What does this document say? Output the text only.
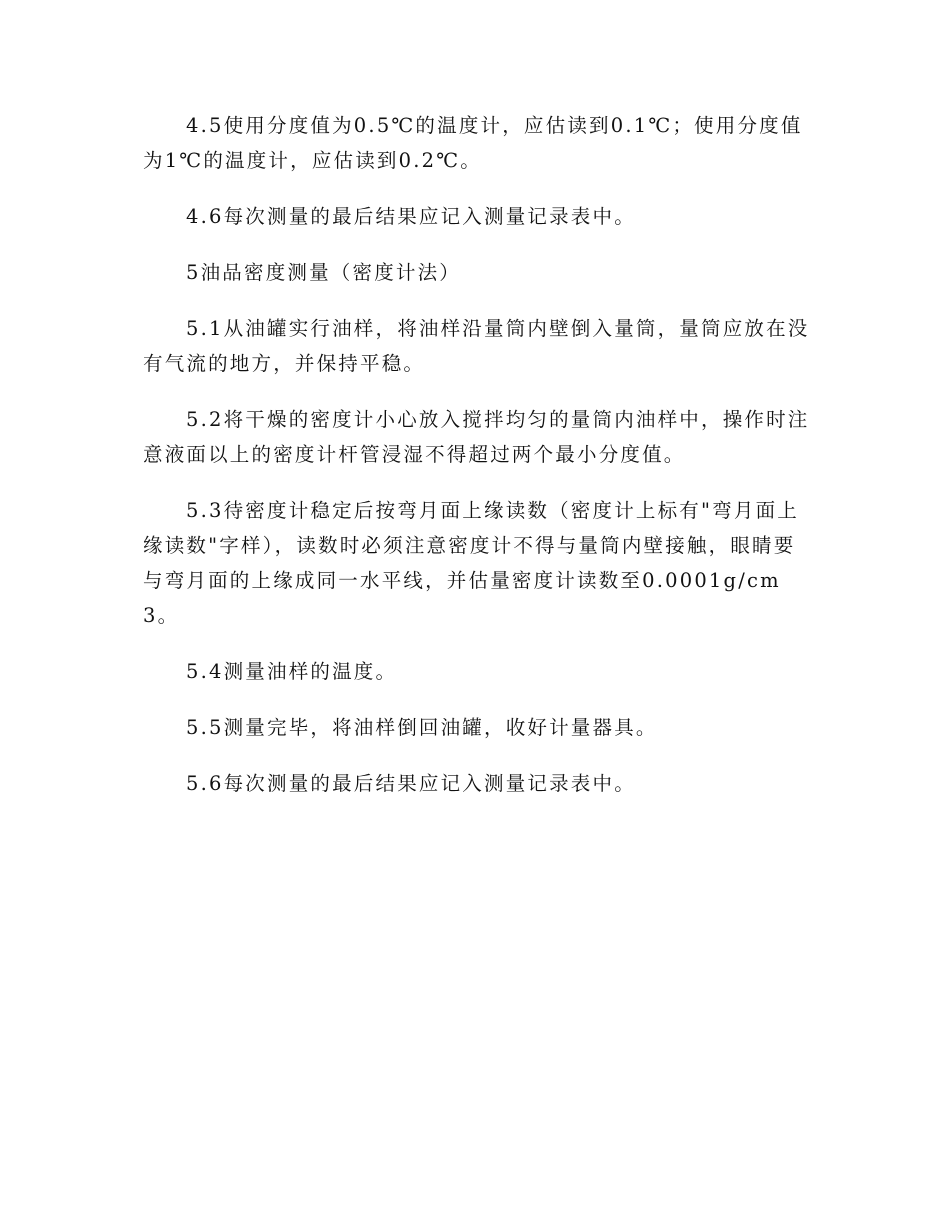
4.5使用分度值为0.5℃的温度计，应估读到0.1℃；使用分度值为1℃的温度计，应估读到0.2℃。

4.6每次测量的最后结果应记入测量记录表中。

5油品密度测量（密度计法）

5.1从油罐实行油样，将油样沿量筒内壁倒入量筒，量筒应放在没有气流的地方，并保持平稳。

5.2将干燥的密度计小心放入搅拌均匀的量筒内油样中，操作时注意液面以上的密度计杆管浸湿不得超过两个最小分度值。

5.3待密度计稳定后按弯月面上缘读数（密度计上标有"弯月面上缘读数"字样），读数时必须注意密度计不得与量筒内壁接触，眼睛要与弯月面的上缘成同一水平线，并估量密度计读数至0.0001g/cm3。

5.4测量油样的温度。

5.5测量完毕，将油样倒回油罐，收好计量器具。

5.6每次测量的最后结果应记入测量记录表中。
